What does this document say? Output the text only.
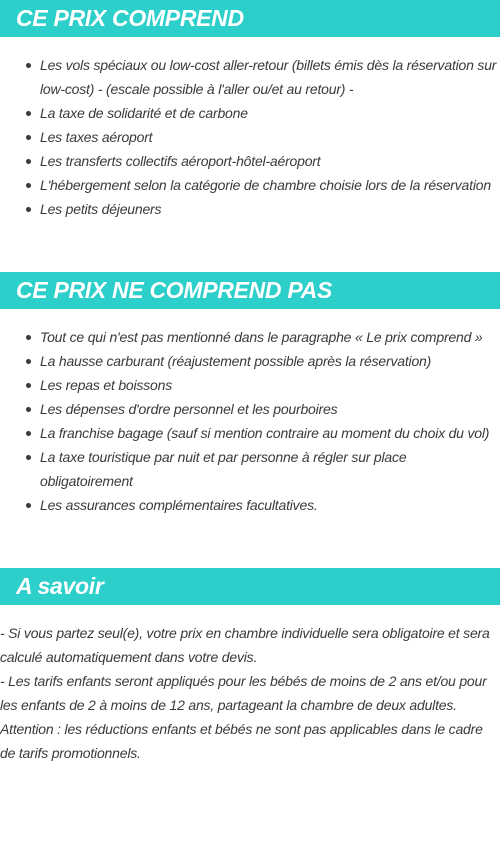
CE PRIX COMPREND
Les vols spéciaux ou low-cost aller-retour (billets émis dès la réservation sur low-cost) - (escale possible à l'aller ou/et au retour) -
La taxe de solidarité et de carbone
Les taxes aéroport
Les transferts collectifs aéroport-hôtel-aéroport
L'hébergement selon la catégorie de chambre choisie lors de la réservation
Les petits déjeuners
CE PRIX NE COMPREND PAS
Tout ce qui n'est pas mentionné dans le paragraphe « Le prix comprend »
La hausse carburant (réajustement possible après la réservation)
Les repas et boissons
Les dépenses d'ordre personnel et les pourboires
La franchise bagage (sauf si mention contraire au moment du choix du vol)
La taxe touristique par nuit et par personne à régler sur place obligatoirement
Les assurances complémentaires facultatives.
A savoir

- Si vous partez seul(e), votre prix en chambre individuelle sera obligatoire et sera calculé automatiquement dans votre devis.

- Les tarifs enfants seront appliqués pour les bébés de moins de 2 ans et/ou pour les enfants de 2 à moins de 12 ans, partageant la chambre de deux adultes.

Attention : les réductions enfants et bébés ne sont pas applicables dans le cadre de tarifs promotionnels.
